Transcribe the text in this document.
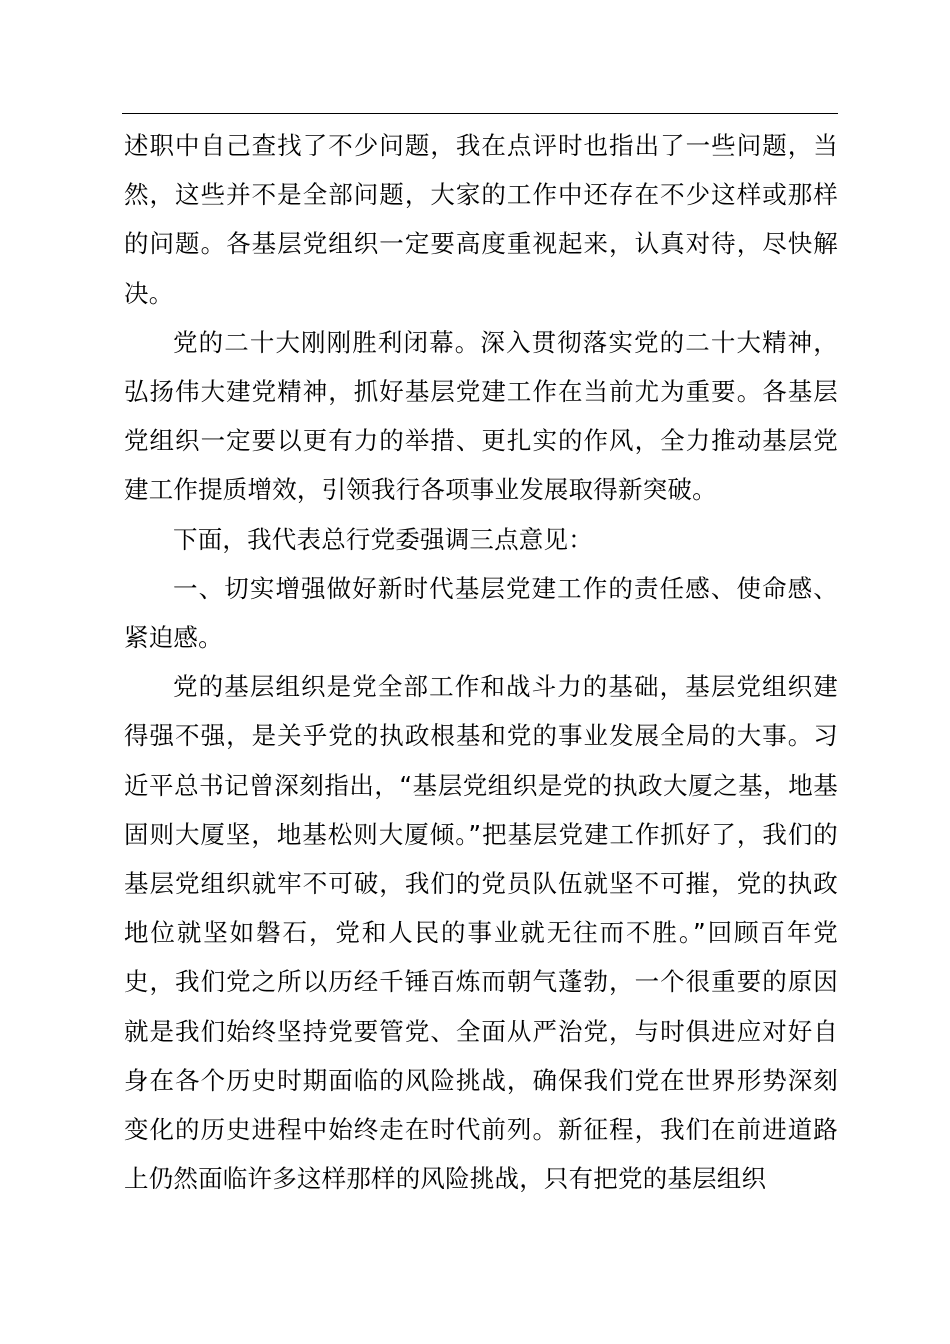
述职中自己查找了不少问题，我在点评时也指出了一些问题，当然，这些并不是全部问题，大家的工作中还存在不少这样或那样的问题。各基层党组织一定要高度重视起来，认真对待，尽快解决。

党的二十大刚刚胜利闭幕。深入贯彻落实党的二十大精神，弘扬伟大建党精神，抓好基层党建工作在当前尤为重要。各基层党组织一定要以更有力的举措、更扎实的作风，全力推动基层党建工作提质增效，引领我行各项事业发展取得新突破。

下面，我代表总行党委强调三点意见：

一、切实增强做好新时代基层党建工作的责任感、使命感、紧迫感。

党的基层组织是党全部工作和战斗力的基础，基层党组织建得强不强，是关乎党的执政根基和党的事业发展全局的大事。习近平总书记曾深刻指出，“基层党组织是党的执政大厦之基，地基固则大厦坚，地基松则大厦倾。”把基层党建工作抓好了，我们的基层党组织就牢不可破，我们的党员队伍就坚不可摧，党的执政地位就坚如磐石，党和人民的事业就无往而不胜。”回顾百年党史，我们党之所以历经千锤百炼而朝气蓬勃，一个很重要的原因就是我们始终坚持党要管党、全面从严治党，与时俱进应对好自身在各个历史时期面临的风险挑战，确保我们党在世界形势深刻变化的历史进程中始终走在时代前列。新征程，我们在前进道路上仍然面临许多这样那样的风险挑战，只有把党的基层组织
